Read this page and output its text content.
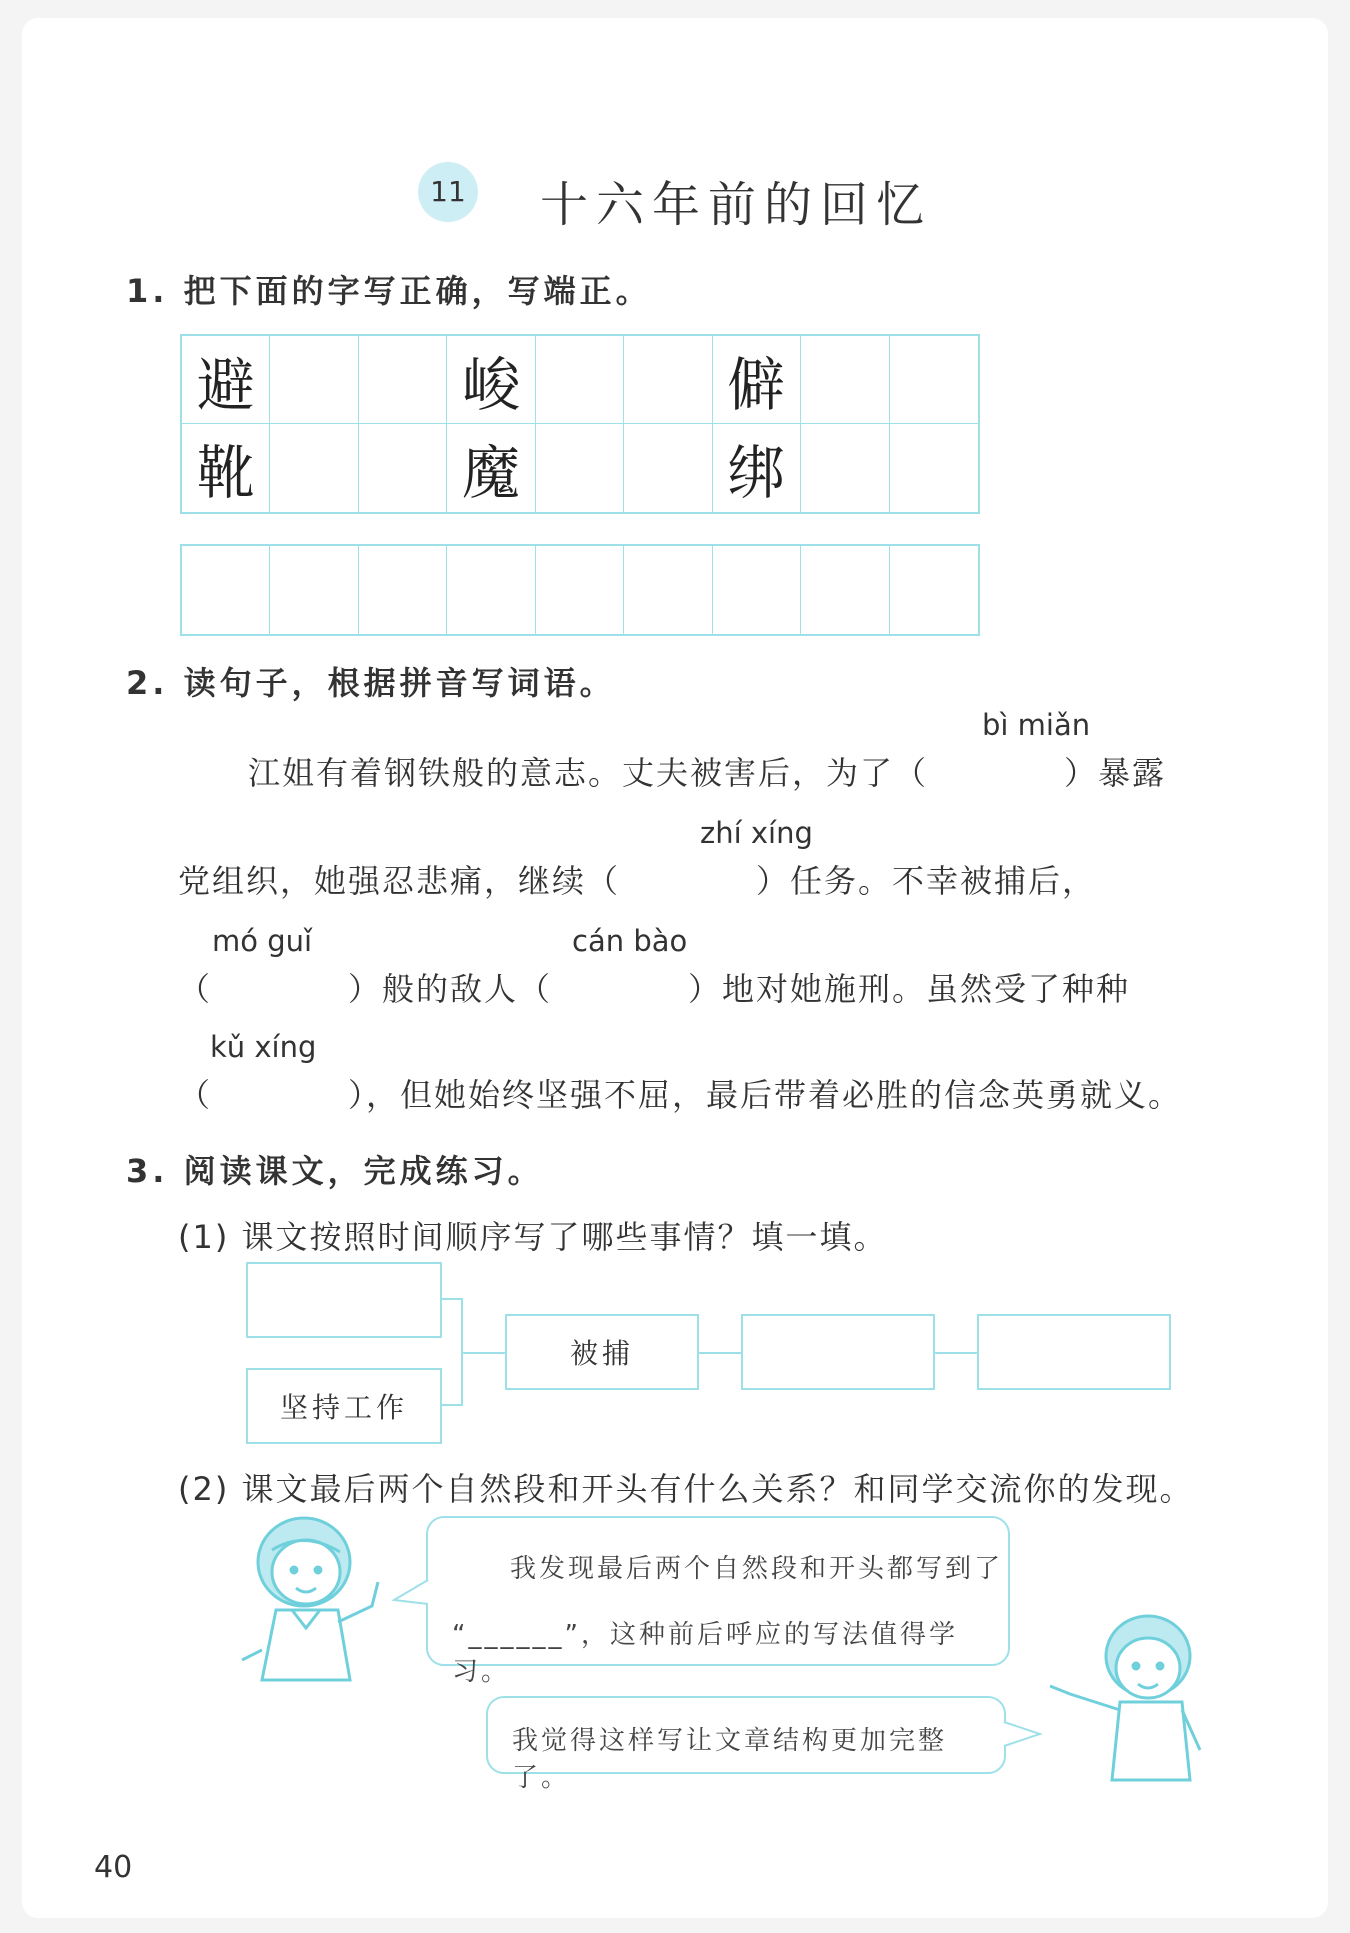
11 十六年前的回忆
1. 把下面的字写正确，写端正。
避	峻	僻
靴	魔	绑
2. 读句子，根据拼音写词语。
bì miǎn
江姐有着钢铁般的意志。丈夫被害后，为了（　　　　）暴露
zhí xíng
党组织，她强忍悲痛，继续（　　　　）任务。不幸被捕后，
mó guǐ	cán bào
（　　　　）般的敌人（　　　　）地对她施刑。虽然受了种种
kǔ xíng
（　　　　），但她始终坚强不屈，最后带着必胜的信念英勇就义。
3. 阅读课文，完成练习。
(1) 课文按照时间顺序写了哪些事情？填一填。
坚持工作
被捕
(2) 课文最后两个自然段和开头有什么关系？和同学交流你的发现。
我发现最后两个自然段和开头都写到了
“______”，这种前后呼应的写法值得学习。
我觉得这样写让文章结构更加完整了。
40
